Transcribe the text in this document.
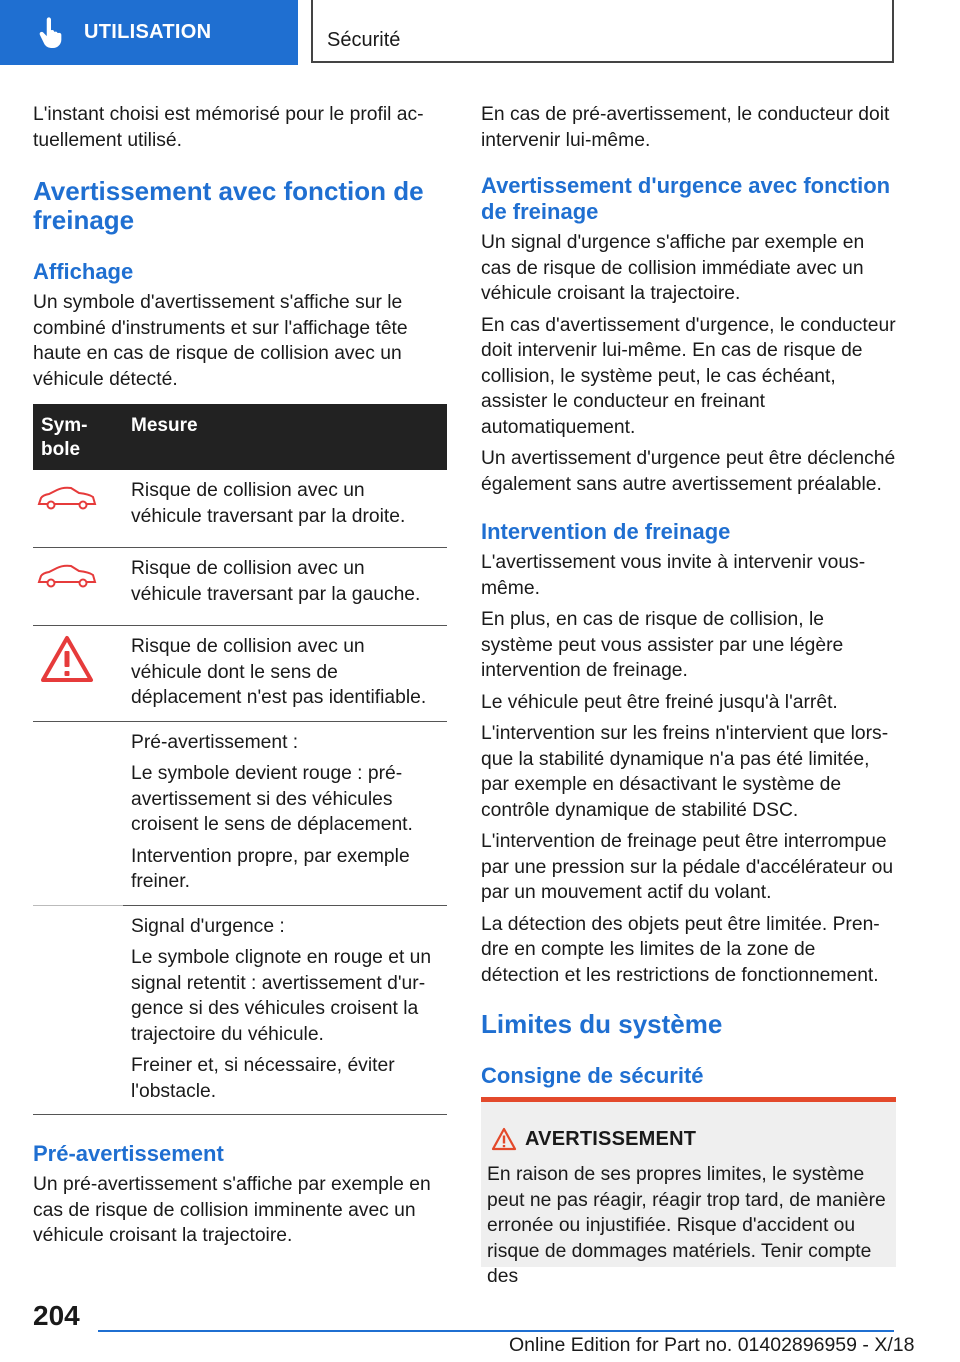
UTILISATION	Sécurité

L'instant choisi est mémorisé pour le profil actuellement utilisé.

Avertissement avec fonction de freinage
Affichage

Un symbole d'avertissement s'affiche sur le combiné d'instruments et sur l'affichage tête haute en cas de risque de collision avec un véhicule détecté.

Symbole	Mesure
	Risque de collision avec un véhicule traversant par la droite.
	Risque de collision avec un véhicule traversant par la gauche.
	Risque de collision avec un véhicule dont le sens de déplacement n'est pas identifiable.

	Pré-avertissement :

Le symbole devient rouge : pré-avertissement si des véhicules croisent le sens de déplacement.

Intervention propre, par exemple freiner.

	Signal d'urgence :

Le symbole clignote en rouge et un signal retentit : avertissement d'urgence si des véhicules croisent la trajectoire du véhicule.

Freiner et, si nécessaire, éviter l'obstacle.

Pré-avertissement

Un pré-avertissement s'affiche par exemple en cas de risque de collision imminente avec un véhicule croisant la trajectoire.

En cas de pré-avertissement, le conducteur doit intervenir lui-même.

Avertissement d'urgence avec fonction de freinage

Un signal d'urgence s'affiche par exemple en cas de risque de collision immédiate avec un véhicule croisant la trajectoire.

En cas d'avertissement d'urgence, le conducteur doit intervenir lui-même. En cas de risque de collision, le système peut, le cas échéant, assister le conducteur en freinant automatiquement.

Un avertissement d'urgence peut être déclenché également sans autre avertissement préalable.

Intervention de freinage

L'avertissement vous invite à intervenir vous-même.

En plus, en cas de risque de collision, le système peut vous assister par une légère intervention de freinage.

Le véhicule peut être freiné jusqu'à l'arrêt.

L'intervention sur les freins n'intervient que lorsque la stabilité dynamique n'a pas été limitée, par exemple en désactivant le système de contrôle dynamique de stabilité DSC.

L'intervention de freinage peut être interrompue par une pression sur la pédale d'accélérateur ou par un mouvement actif du volant.

La détection des objets peut être limitée. Prendre en compte les limites de la zone de détection et les restrictions de fonctionnement.

Limites du système
Consigne de sécurité
AVERTISSEMENT

En raison de ses propres limites, le système peut ne pas réagir, réagir trop tard, de manière erronée ou injustifiée. Risque d'accident ou risque de dommages matériels. Tenir compte des

204
Online Edition for Part no. 01402896959 - X/18
